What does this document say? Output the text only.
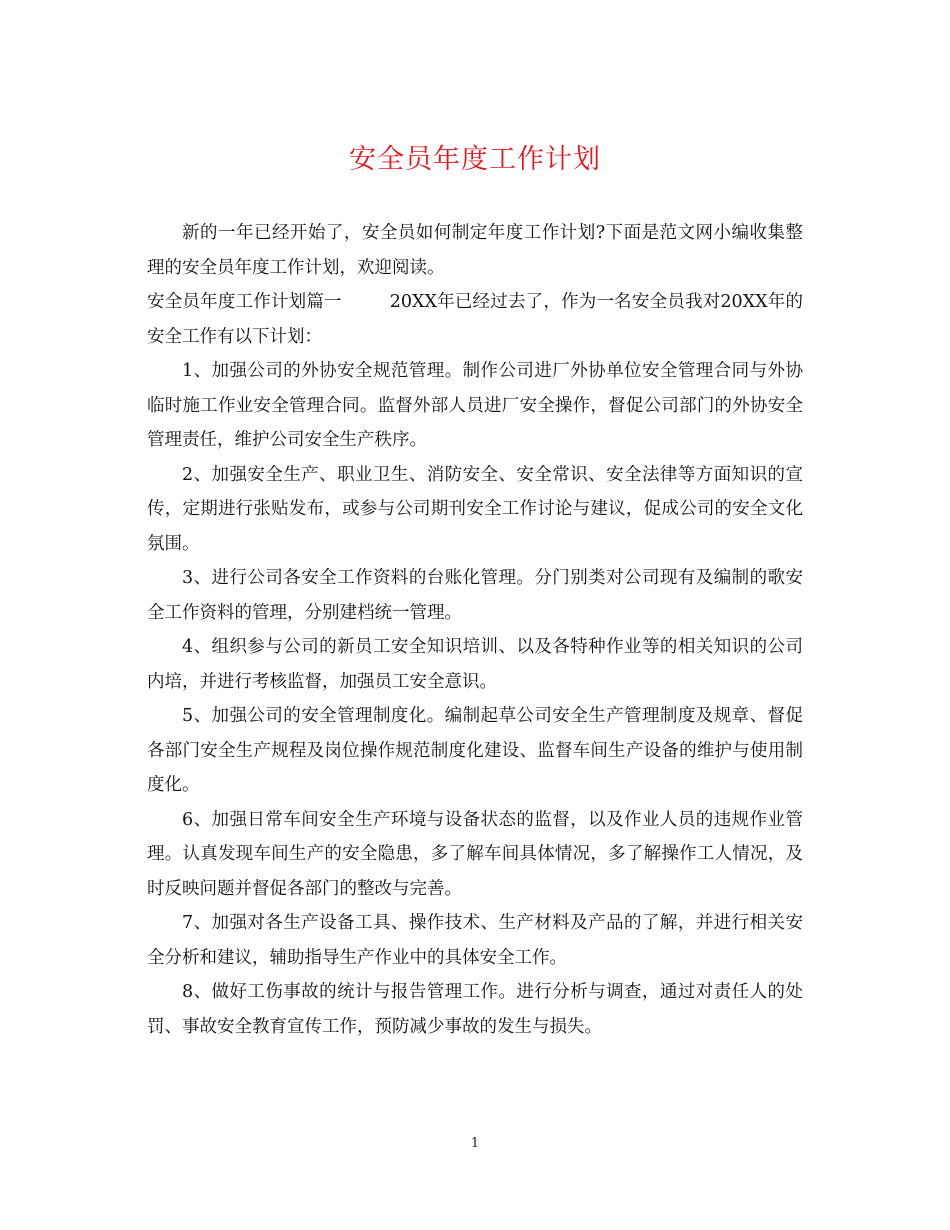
安全员年度工作计划

新的一年已经开始了，安全员如何制定年度工作计划?下面是范文网小编收集整理的安全员年度工作计划，欢迎阅读。

安全员年度工作计划篇一	20XX年已经过去了，作为一名安全员我对20XX年的安全工作有以下计划：

1、加强公司的外协安全规范管理。制作公司进厂外协单位安全管理合同与外协临时施工作业安全管理合同。监督外部人员进厂安全操作，督促公司部门的外协安全管理责任，维护公司安全生产秩序。

2、加强安全生产、职业卫生、消防安全、安全常识、安全法律等方面知识的宣传，定期进行张贴发布，或参与公司期刊安全工作讨论与建议，促成公司的安全文化氛围。

3、进行公司各安全工作资料的台账化管理。分门别类对公司现有及编制的歌安全工作资料的管理，分别建档统一管理。

4、组织参与公司的新员工安全知识培训、以及各特种作业等的相关知识的公司内培，并进行考核监督，加强员工安全意识。

5、加强公司的安全管理制度化。编制起草公司安全生产管理制度及规章、督促各部门安全生产规程及岗位操作规范制度化建设、监督车间生产设备的维护与使用制度化。

6、加强日常车间安全生产环境与设备状态的监督，以及作业人员的违规作业管理。认真发现车间生产的安全隐患，多了解车间具体情况，多了解操作工人情况，及时反映问题并督促各部门的整改与完善。

7、加强对各生产设备工具、操作技术、生产材料及产品的了解，并进行相关安全分析和建议，辅助指导生产作业中的具体安全工作。

8、做好工伤事故的统计与报告管理工作。进行分析与调查，通过对责任人的处罚、事故安全教育宣传工作，预防减少事故的发生与损失。

1
